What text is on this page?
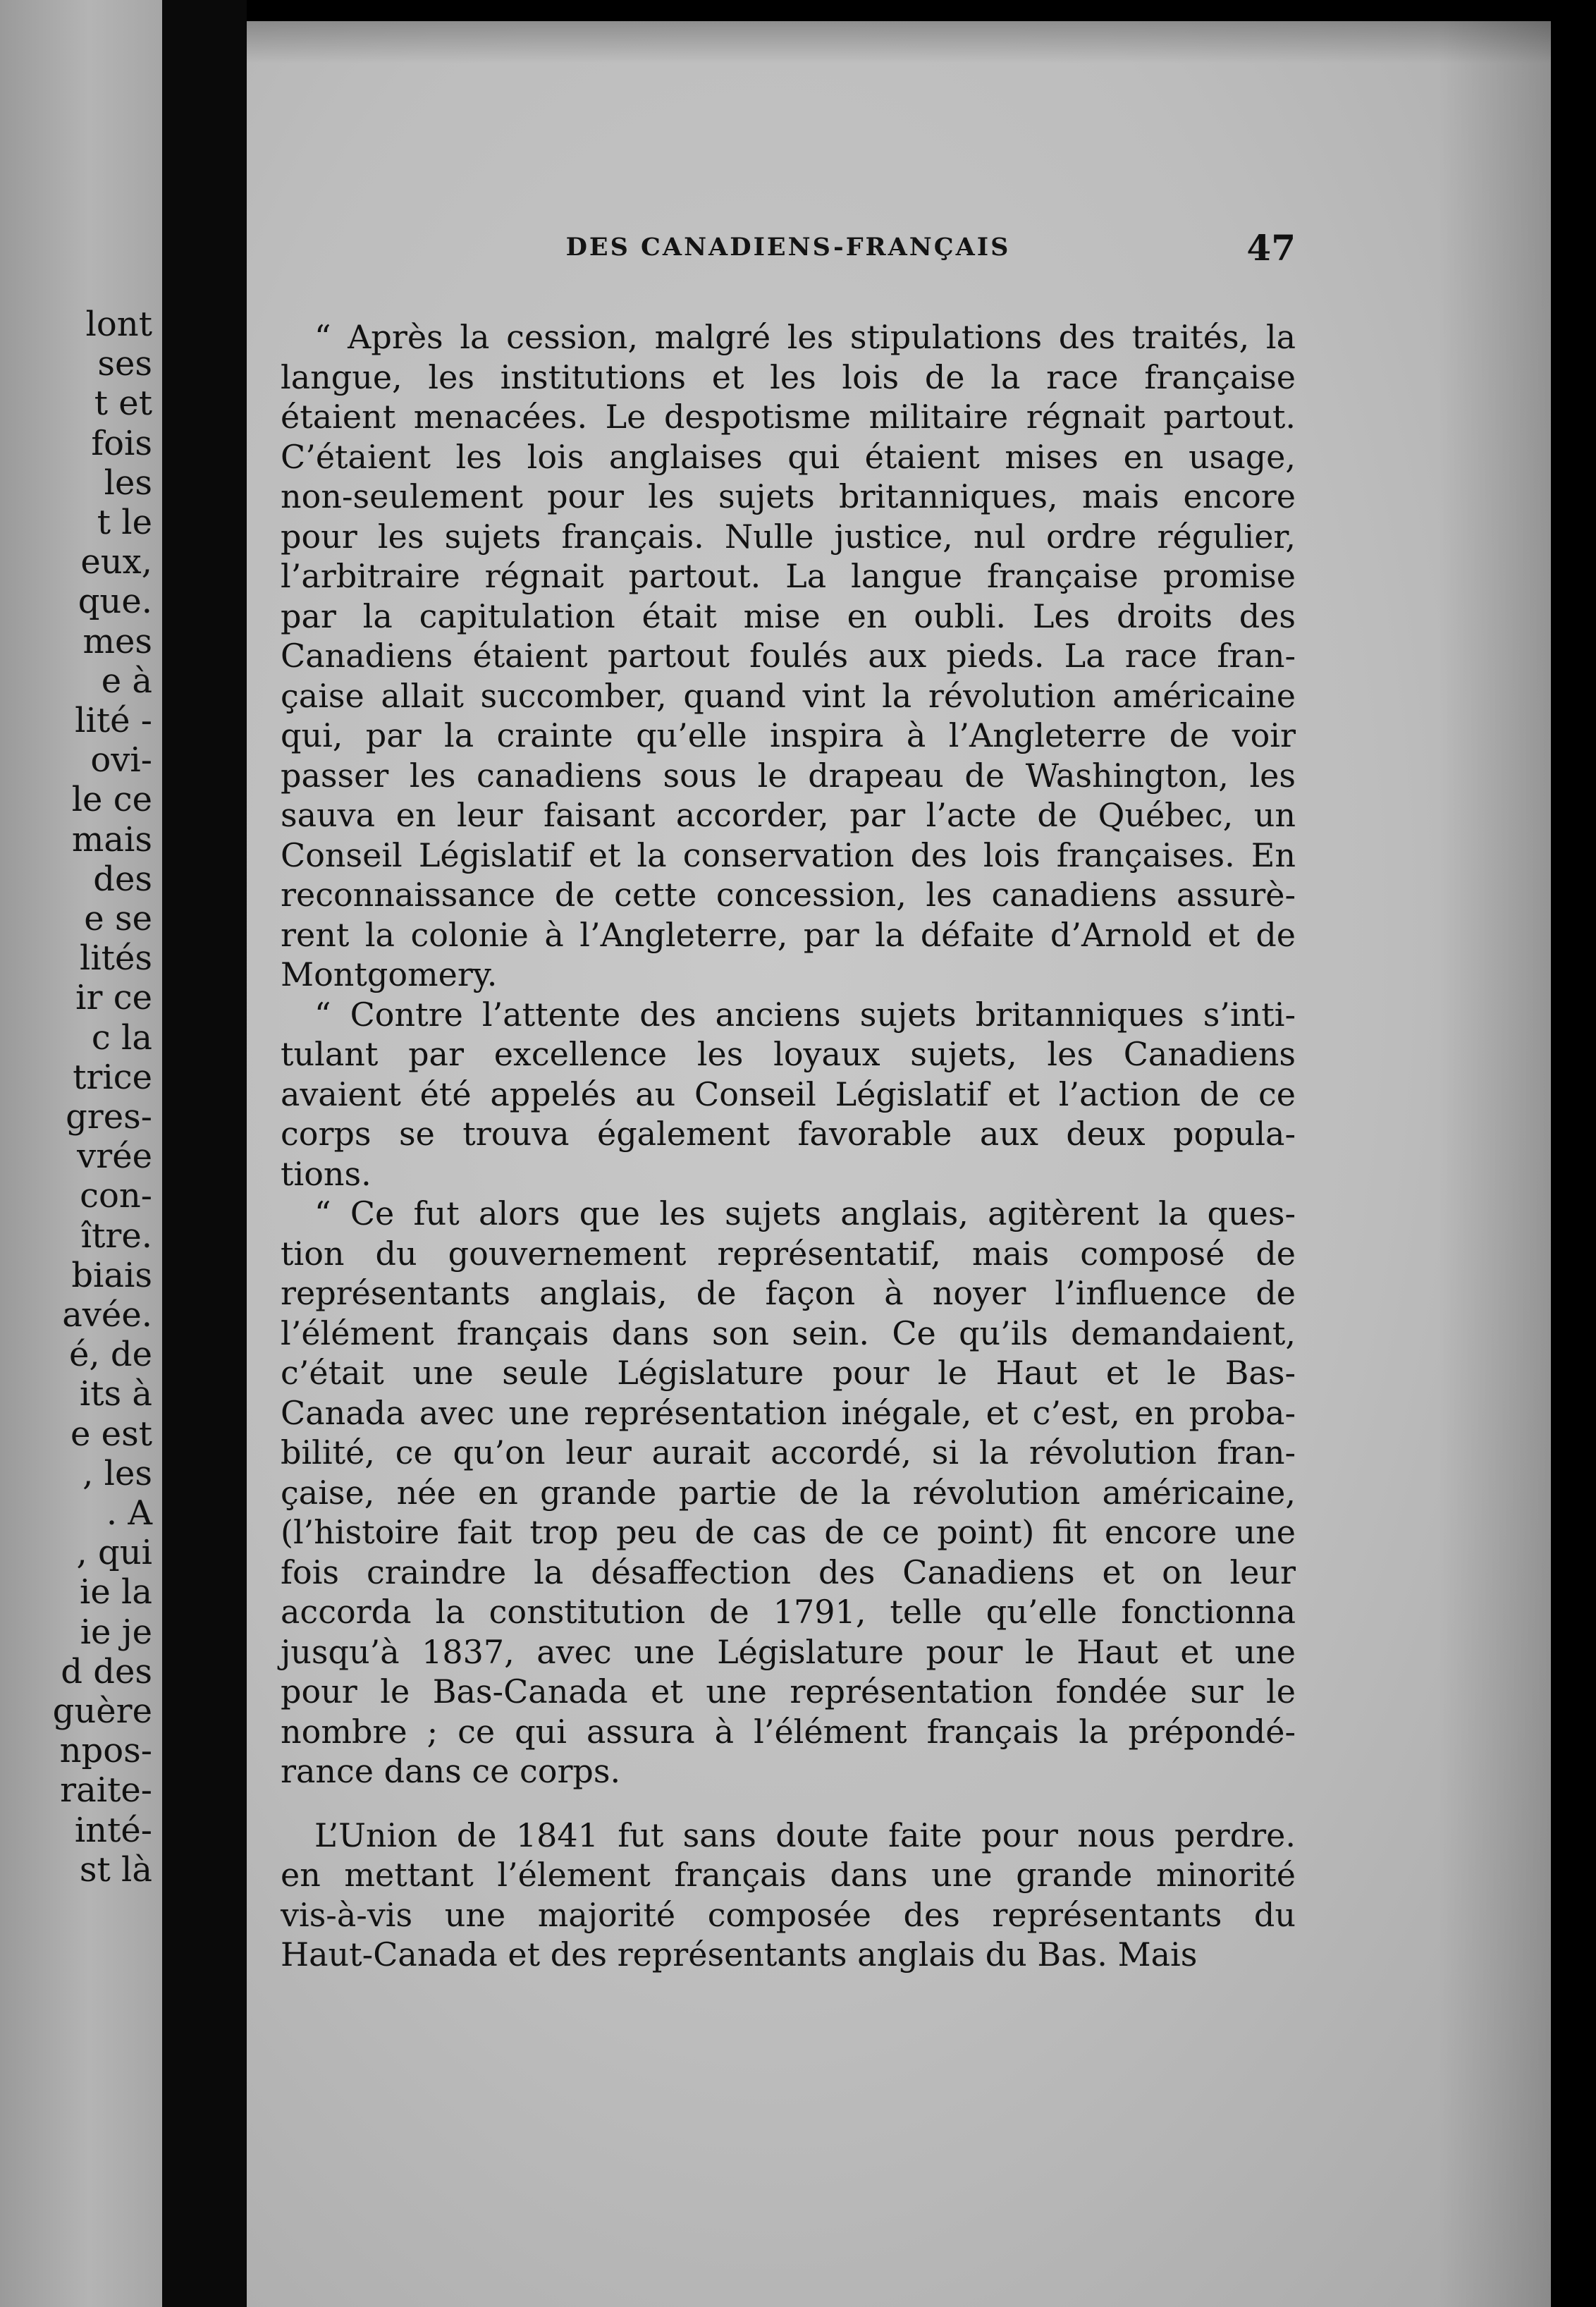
lont
ses
t et
fois
les
t le
eux,
que.
mes
e à
lité -
ovi-
le ce
mais
des
e se
lités
ir ce
c la
trice
gres-
vrée
con-
ître.
biais
avée.
é, de
its à
e est
, les
. A
, qui
ie la
ie je
d des
guère
npos-
raite-
inté-
st là
DES CANADIENS-FRANÇAIS	47
“ Après la cession, malgré les stipulations des traités, la
langue, les institutions et les lois de la race française
étaient menacées. Le despotisme militaire régnait partout.
C’étaient les lois anglaises qui étaient mises en usage,
non-seulement pour les sujets britanniques, mais encore
pour les sujets français. Nulle justice, nul ordre régulier,
l’arbitraire régnait partout. La langue française promise
par la capitulation était mise en oubli. Les droits des
Canadiens étaient partout foulés aux pieds. La race fran-
çaise allait succomber, quand vint la révolution américaine
qui, par la crainte qu’elle inspira à l’Angleterre de voir
passer les canadiens sous le drapeau de Washington, les
sauva en leur faisant accorder, par l’acte de Québec, un
Conseil Législatif et la conservation des lois françaises. En
reconnaissance de cette concession, les canadiens assurè-
rent la colonie à l’Angleterre, par la défaite d’Arnold et de
Montgomery.
“ Contre l’attente des anciens sujets britanniques s’inti-
tulant par excellence les loyaux sujets, les Canadiens
avaient été appelés au Conseil Législatif et l’action de ce
corps se trouva également favorable aux deux popula-
tions.
“ Ce fut alors que les sujets anglais, agitèrent la ques-
tion du gouvernement représentatif, mais composé de
représentants anglais, de façon à noyer l’influence de
l’élément français dans son sein. Ce qu’ils demandaient,
c’était une seule Législature pour le Haut et le Bas-
Canada avec une représentation inégale, et c’est, en proba-
bilité, ce qu’on leur aurait accordé, si la révolution fran-
çaise, née en grande partie de la révolution américaine,
(l’histoire fait trop peu de cas de ce point) fit encore une
fois craindre la désaffection des Canadiens et on leur
accorda la constitution de 1791, telle qu’elle fonctionna
jusqu’à 1837, avec une Législature pour le Haut et une
pour le Bas-Canada et une représentation fondée sur le
nombre ; ce qui assura à l’élément français la prépondé-
rance dans ce corps.
L’Union de 1841 fut sans doute faite pour nous perdre.
en mettant l’élement français dans une grande minorité
vis-à-vis une majorité composée des représentants du
Haut-Canada et des représentants anglais du Bas. Mais
